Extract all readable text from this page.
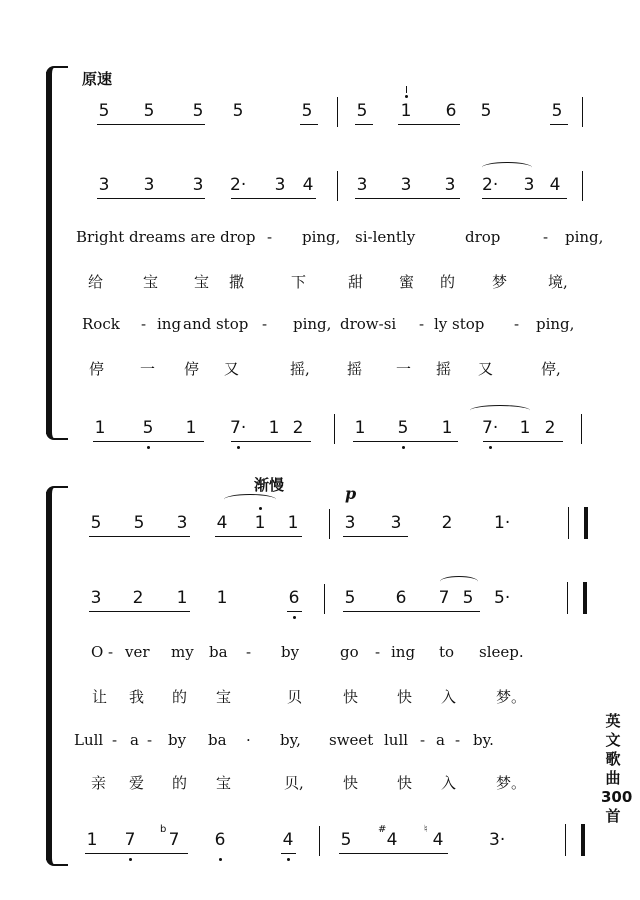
5 5 5 5	5	5 1 6 5	5
3 3 3 2· 3 4	3 3 3 2· 3 4
Bright dreams are drop - ping, si-lently	drop	- ping,
给	宝 宝 撒	下	甜 蜜 的 梦	境,
Rock - ing and stop - ping, drow-si - ly stop - ping,
停 一 停 又	摇, 摇 一 摇 又	停,
1 5 1 7· 1 2	1 5 1 7· 1 2
5 5 3 4 1 1	3 3 2 1·
3 2 1 1	6	5 6 7 5 5·
O - ver my ba - by	go - ing to sleep.
让 我 的 宝	贝	快	快 入	梦。
Lull - a - by ba · by, sweet lull - a - by.
亲 爱 的 宝	贝,	快	快 入	梦。
1 7 7
b
6	4	5 4
#
4
♮
3·
原速
渐慢	p
英
文
歌
曲
300
首
